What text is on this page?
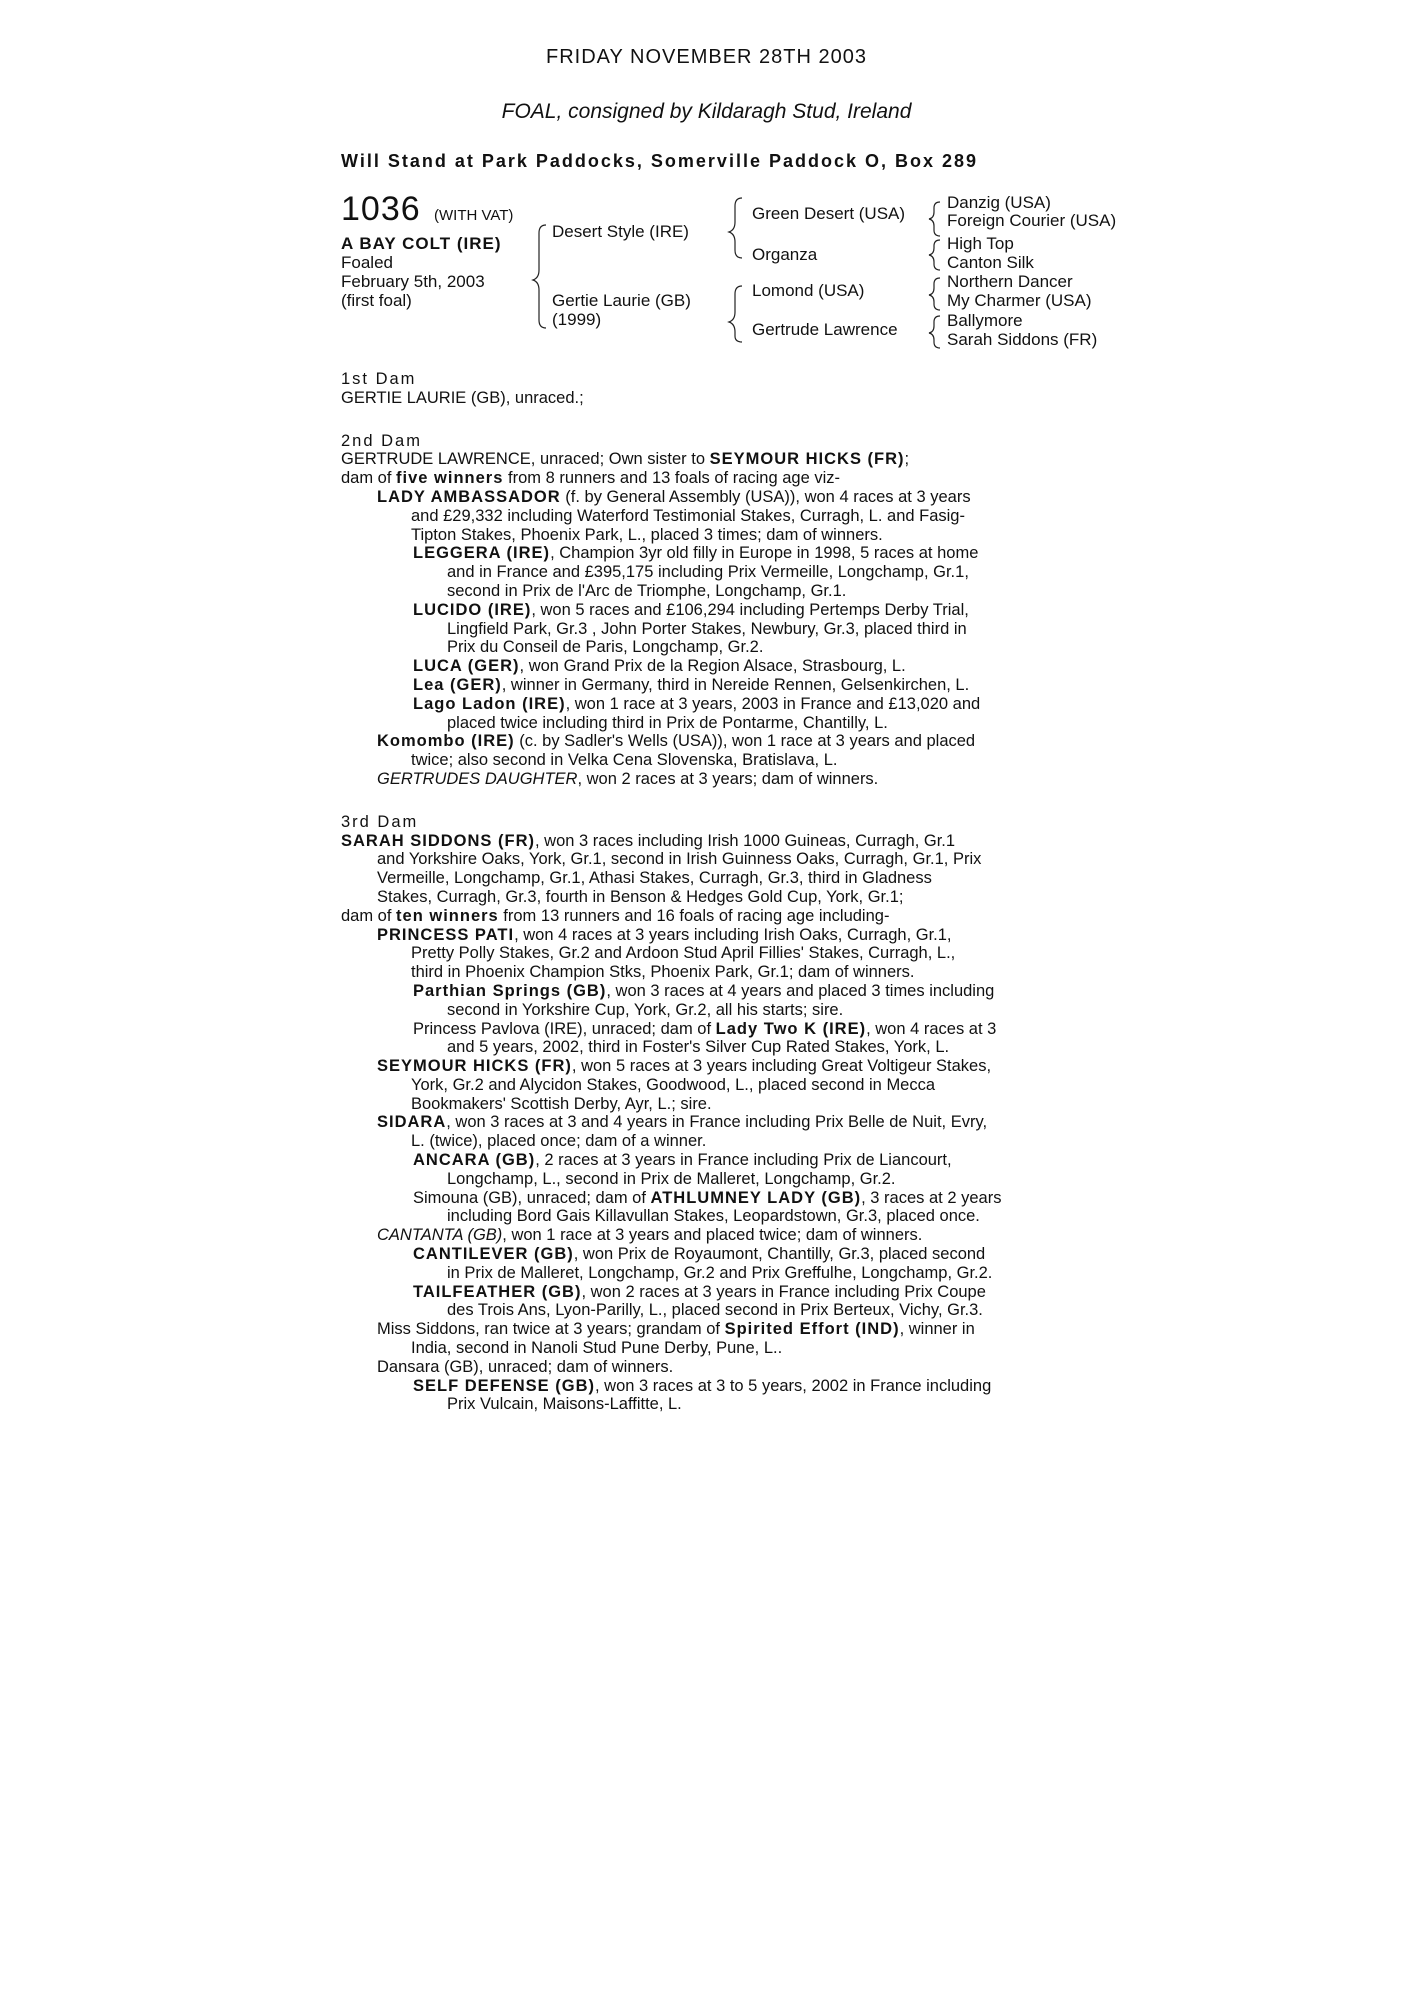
FRIDAY NOVEMBER 28TH 2003
FOAL, consigned by Kildaragh Stud, Ireland
Will Stand at Park Paddocks, Somerville Paddock O, Box 289
1036 (WITH VAT)
A BAY COLT (IRE)
Foaled
February 5th, 2003
(first foal)
Desert Style (IRE)
Gertie Laurie (GB)
(1999)
Green Desert (USA)
Organza
Lomond (USA)
Gertrude Lawrence
Danzig (USA)
Foreign Courier (USA)
High Top
Canton Silk
Northern Dancer
My Charmer (USA)
Ballymore
Sarah Siddons (FR)

1st Dam

GERTIE LAURIE (GB), unraced.;

2nd Dam

GERTRUDE LAWRENCE, unraced; Own sister to SEYMOUR HICKS (FR);

dam of five winners from 8 runners and 13 foals of racing age viz-

LADY AMBASSADOR (f. by General Assembly (USA)), won 4 races at 3 years
and £29,332 including Waterford Testimonial Stakes, Curragh, L. and Fasig-
Tipton Stakes, Phoenix Park, L., placed 3 times; dam of winners.

LEGGERA (IRE), Champion 3yr old filly in Europe in 1998, 5 races at home
and in France and £395,175 including Prix Vermeille, Longchamp, Gr.1,
second in Prix de l'Arc de Triomphe, Longchamp, Gr.1.

LUCIDO (IRE), won 5 races and £106,294 including Pertemps Derby Trial,
Lingfield Park, Gr.3 , John Porter Stakes, Newbury, Gr.3, placed third in
Prix du Conseil de Paris, Longchamp, Gr.2.

LUCA (GER), won Grand Prix de la Region Alsace, Strasbourg, L.

Lea (GER), winner in Germany, third in Nereide Rennen, Gelsenkirchen, L.

Lago Ladon (IRE), won 1 race at 3 years, 2003 in France and £13,020 and
placed twice including third in Prix de Pontarme, Chantilly, L.

Komombo (IRE) (c. by Sadler's Wells (USA)), won 1 race at 3 years and placed
twice; also second in Velka Cena Slovenska, Bratislava, L.

GERTRUDES DAUGHTER, won 2 races at 3 years; dam of winners.

3rd Dam

SARAH SIDDONS (FR), won 3 races including Irish 1000 Guineas, Curragh, Gr.1
and Yorkshire Oaks, York, Gr.1, second in Irish Guinness Oaks, Curragh, Gr.1, Prix
Vermeille, Longchamp, Gr.1, Athasi Stakes, Curragh, Gr.3, third in Gladness
Stakes, Curragh, Gr.3, fourth in Benson & Hedges Gold Cup, York, Gr.1;

dam of ten winners from 13 runners and 16 foals of racing age including-

PRINCESS PATI, won 4 races at 3 years including Irish Oaks, Curragh, Gr.1,
Pretty Polly Stakes, Gr.2 and Ardoon Stud April Fillies' Stakes, Curragh, L.,
third in Phoenix Champion Stks, Phoenix Park, Gr.1; dam of winners.

Parthian Springs (GB), won 3 races at 4 years and placed 3 times including
second in Yorkshire Cup, York, Gr.2, all his starts; sire.

Princess Pavlova (IRE), unraced; dam of Lady Two K (IRE), won 4 races at 3
and 5 years, 2002, third in Foster's Silver Cup Rated Stakes, York, L.

SEYMOUR HICKS (FR), won 5 races at 3 years including Great Voltigeur Stakes,
York, Gr.2 and Alycidon Stakes, Goodwood, L., placed second in Mecca
Bookmakers' Scottish Derby, Ayr, L.; sire.

SIDARA, won 3 races at 3 and 4 years in France including Prix Belle de Nuit, Evry,
L. (twice), placed once; dam of a winner.

ANCARA (GB), 2 races at 3 years in France including Prix de Liancourt,
Longchamp, L., second in Prix de Malleret, Longchamp, Gr.2.

Simouna (GB), unraced; dam of ATHLUMNEY LADY (GB), 3 races at 2 years
including Bord Gais Killavullan Stakes, Leopardstown, Gr.3, placed once.

CANTANTA (GB), won 1 race at 3 years and placed twice; dam of winners.

CANTILEVER (GB), won Prix de Royaumont, Chantilly, Gr.3, placed second
in Prix de Malleret, Longchamp, Gr.2 and Prix Greffulhe, Longchamp, Gr.2.

TAILFEATHER (GB), won 2 races at 3 years in France including Prix Coupe
des Trois Ans, Lyon-Parilly, L., placed second in Prix Berteux, Vichy, Gr.3.

Miss Siddons, ran twice at 3 years; grandam of Spirited Effort (IND), winner in
India, second in Nanoli Stud Pune Derby, Pune, L..

Dansara (GB), unraced; dam of winners.

SELF DEFENSE (GB), won 3 races at 3 to 5 years, 2002 in France including
Prix Vulcain, Maisons-Laffitte, L.
